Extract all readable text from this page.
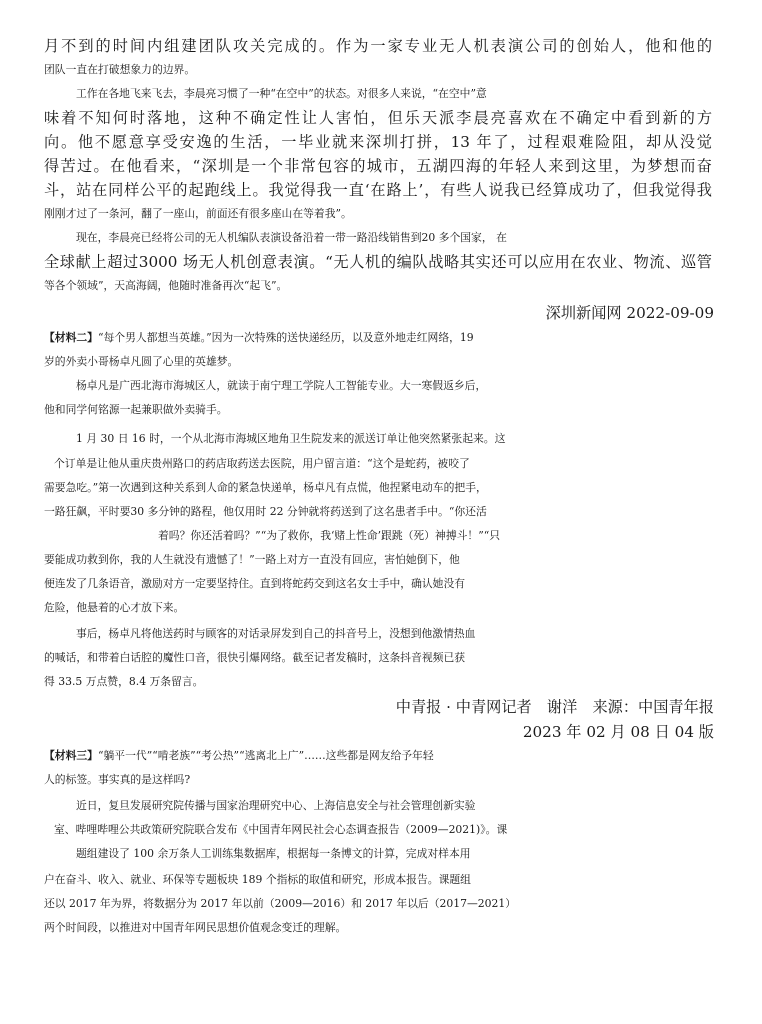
月不到的时间内组建团队攻关完成的。作为一家专业无人机表演公司的创始人，他和他的
团队一直在打破想象力的边界。
工作在各地飞来飞去，李晨亮习惯了一种“在空中”的状态。对很多人来说，“在空中”意
味着不知何时落地，这种不确定性让人害怕，但乐天派李晨亮喜欢在不确定中看到新的方
向。他不愿意享受安逸的生活，一毕业就来深圳打拼，13 年了，过程艰难险阻，却从没觉
得苦过。在他看来，“深圳是一个非常包容的城市，五湖四海的年轻人来到这里，为梦想而奋
斗，站在同样公平的起跑线上。我觉得我一直‘在路上’，有些人说我已经算成功了，但我觉得我
刚刚才过了一条河，翻了一座山，前面还有很多座山在等着我”。
现在，李晨亮已经将公司的无人机编队表演设备沿着一带一路沿线销售到20 多个国家， 在
全球献上超过3000 场无人机创意表演。“无人机的编队战略其实还可以应用在农业、物流、巡管
等各个领域”，天高海阔，他随时准备再次“起飞”。
深圳新闻网 2022-09-09
【材料二】“每个男人都想当英雄。”因为一次特殊的送快递经历，以及意外地走红网络，19
岁的外卖小哥杨卓凡圆了心里的英雄梦。
杨卓凡是广西北海市海城区人，就读于南宁理工学院人工智能专业。大一寒假返乡后，
他和同学何铭源一起兼职做外卖骑手。
1 月 30 日 16 时，一个从北海市海城区地角卫生院发来的派送订单让他突然紧张起来。这
个订单是让他从重庆贵州路口的药店取药送去医院，用户留言道：“这个是蛇药，被咬了
需要急吃。”第一次遇到这种关系到人命的紧急快递单，杨卓凡有点慌，他捏紧电动车的把手，
一路狂飙，平时要30 多分钟的路程，他仅用时 22 分钟就将药送到了这名患者手中。“你还活
着吗？你还活着吗？”“为了救你，我‘赌上性命’跟跳（死）神搏斗！”“只
要能成功救到你，我的人生就没有遗憾了！”一路上对方一直没有回应，害怕她倒下，他
便连发了几条语音，激励对方一定要坚持住。直到将蛇药交到这名女士手中，确认她没有
危险，他悬着的心才放下来。
事后，杨卓凡将他送药时与顾客的对话录屏发到自己的抖音号上，没想到他激情热血
的喊话，和带着白话腔的魔性口音，很快引爆网络。截至记者发稿时，这条抖音视频已获
得 33.5 万点赞，8.4 万条留言。
中青报 · 中青网记者　谢洋　来源：中国青年报
2023 年 02 月 08 日 04 版
【材料三】“躺平一代”“啃老族”“考公热”“逃离北上广”……这些都是网友给予年轻
人的标签。事实真的是这样吗?
近日，复旦发展研究院传播与国家治理研究中心、上海信息安全与社会管理创新实验
室、哔哩哔哩公共政策研究院联合发布《中国青年网民社会心态调查报告（2009—2021)》。课
题组建设了 100 余万条人工训练集数据库，根据每一条博文的计算，完成对样本用
户在奋斗、收入、就业、环保等专题板块 189 个指标的取值和研究，形成本报告。课题组
还以 2017 年为界，将数据分为 2017 年以前（2009—2016）和 2017 年以后（2017—2021）
两个时间段，以推进对中国青年网民思想价值观念变迁的理解。
